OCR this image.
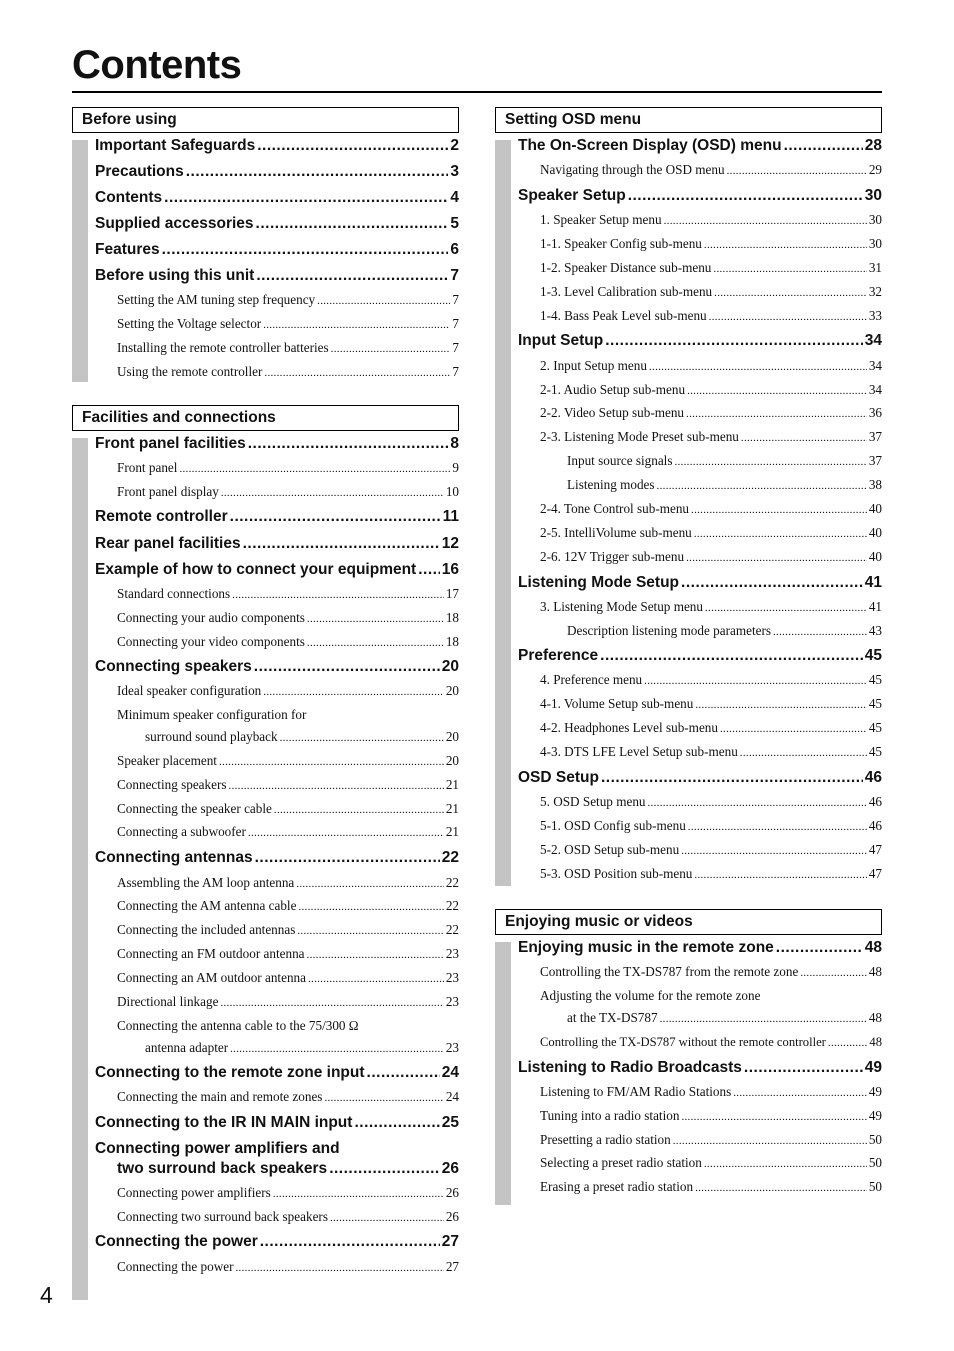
Contents
Before using
Important Safeguards .....	2
Precautions .....	3
Contents .....	4
Supplied accessories .....	5
Features .....	6
Before using this unit .....	7
Setting the AM tuning step frequency .....	7
Setting the Voltage selector .....	7
Installing the remote controller batteries .....	7
Using the remote controller .....	7
Facilities and connections
Front panel facilities .....	8
Front panel .....	9
Front panel display .....	10
Remote controller .....	11
Rear panel facilities .....	12
Example of how to connect your equipment ..... 16
Standard connections .....	17
Connecting your audio components .....	18
Connecting your video components .....	18
Connecting speakers .....	20
Ideal speaker configuration .....	20
Minimum speaker configuration for
surround sound playback .....	20
Speaker placement .....	20
Connecting speakers .....	21
Connecting the speaker cable .....	21
Connecting a subwoofer .....	21
Connecting antennas .....	22
Assembling the AM loop antenna .....	22
Connecting the AM antenna cable .....	22
Connecting the included antennas .....	22
Connecting an FM outdoor antenna .....	23
Connecting an AM outdoor antenna .....	23
Directional linkage .....	23
Connecting the antenna cable to the 75/300 Ω
antenna adapter .....	23
Connecting to the remote zone input .....	24
Connecting the main and remote zones .....	24
Connecting to the IR IN MAIN input .....	25
Connecting power amplifiers and
two surround back speakers .....	26
Connecting power amplifiers .....	26
Connecting two surround back speakers .....	26
Connecting the power .....	27
Connecting the power .....	27
Setting OSD menu
The On-Screen Display (OSD) menu .....	28
Navigating through the OSD menu .....	29
Speaker Setup .....	30
1. Speaker Setup menu .....	30
1-1. Speaker Config sub-menu .....	30
1-2. Speaker Distance sub-menu .....	31
1-3. Level Calibration sub-menu .....	32
1-4. Bass Peak Level sub-menu .....	33
Input Setup .....	34
2. Input Setup menu .....	34
2-1. Audio Setup sub-menu .....	34
2-2. Video Setup sub-menu .....	36
2-3. Listening Mode Preset sub-menu .....	37
Input source signals .....	37
Listening modes .....	38
2-4. Tone Control sub-menu .....	40
2-5. IntelliVolume sub-menu .....	40
2-6. 12V Trigger sub-menu .....	40
Listening Mode Setup .....	41
3. Listening Mode Setup menu .....	41
Description listening mode parameters .....	43
Preference .....	45
4. Preference menu .....	45
4-1. Volume Setup sub-menu .....	45
4-2. Headphones Level sub-menu .....	45
4-3. DTS LFE Level Setup sub-menu .....	45
OSD Setup .....	46
5. OSD Setup menu .....	46
5-1. OSD Config sub-menu .....	46
5-2. OSD Setup sub-menu .....	47
5-3. OSD Position sub-menu .....	47
Enjoying music or videos
Enjoying music in the remote zone .....	48
Controlling the TX-DS787 from the remote zone .....	48
Adjusting the volume for the remote zone
at the TX-DS787 .....	48
Controlling the TX-DS787 without the remote controller .....	48
Listening to Radio Broadcasts .....	49
Listening to FM/AM Radio Stations .....	49
Tuning into a radio station .....	49
Presetting a radio station .....	50
Selecting a preset radio station .....	50
Erasing a preset radio station .....	50
4
